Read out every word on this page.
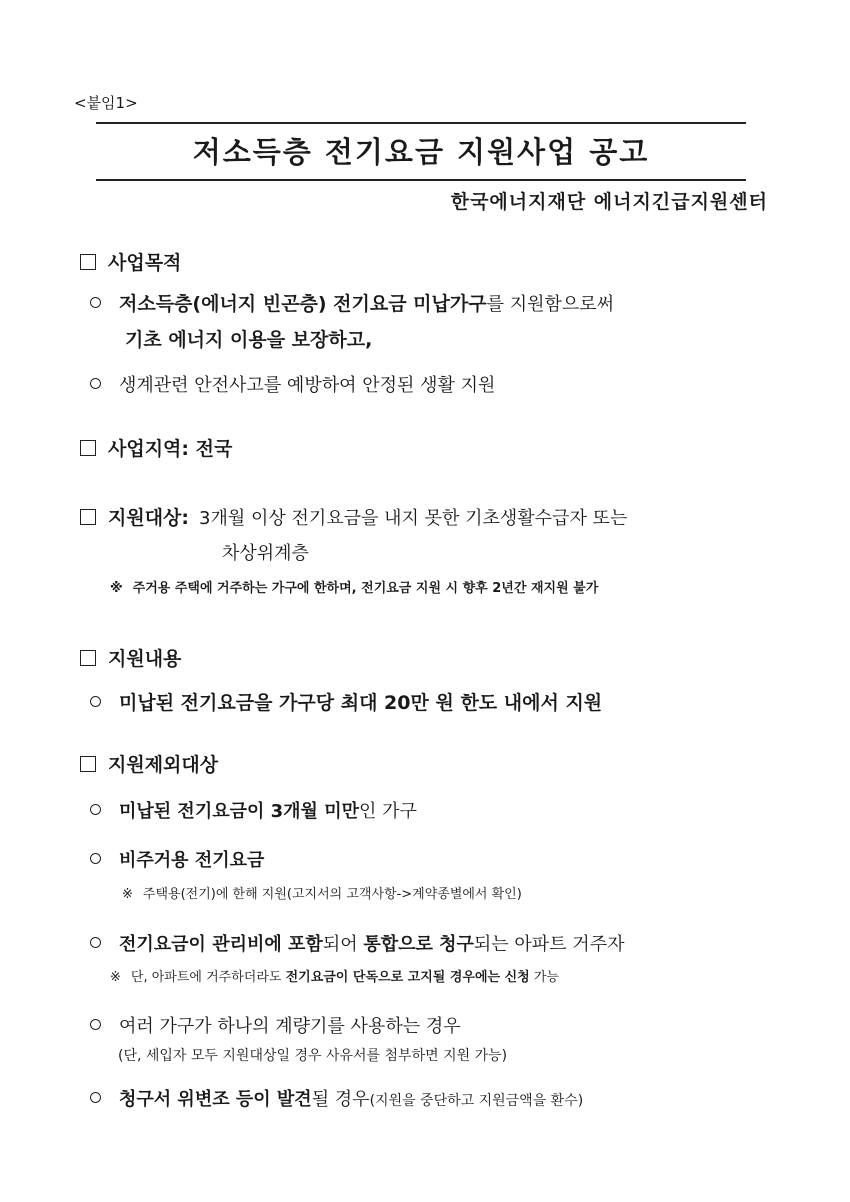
<붙임1>
저소득층 전기요금 지원사업 공고
한국에너지재단 에너지긴급지원센터
사업목적
저소득층(에너지 빈곤층) 전기요금 미납가구를 지원함으로써
기초 에너지 이용을 보장하고,
생계관련 안전사고를 예방하여 안정된 생활 지원
사업지역: 전국
지원대상: 3개월 이상 전기요금을 내지 못한 기초생활수급자 또는
차상위계층
※ 주거용 주택에 거주하는 가구에 한하며, 전기요금 지원 시 향후 2년간 재지원 불가
지원내용
미납된 전기요금을 가구당 최대 20만 원 한도 내에서 지원
지원제외대상
미납된 전기요금이 3개월 미만인 가구
비주거용 전기요금
※ 주택용(전기)에 한해 지원(고지서의 고객사항->계약종별에서 확인)
전기요금이 관리비에 포함되어 통합으로 청구되는 아파트 거주자
※ 단, 아파트에 거주하더라도 전기요금이 단독으로 고지될 경우에는 신청 가능
여러 가구가 하나의 계량기를 사용하는 경우
(단, 세입자 모두 지원대상일 경우 사유서를 첨부하면 지원 가능)
청구서 위변조 등이 발견될 경우(지원을 중단하고 지원금액을 환수)
